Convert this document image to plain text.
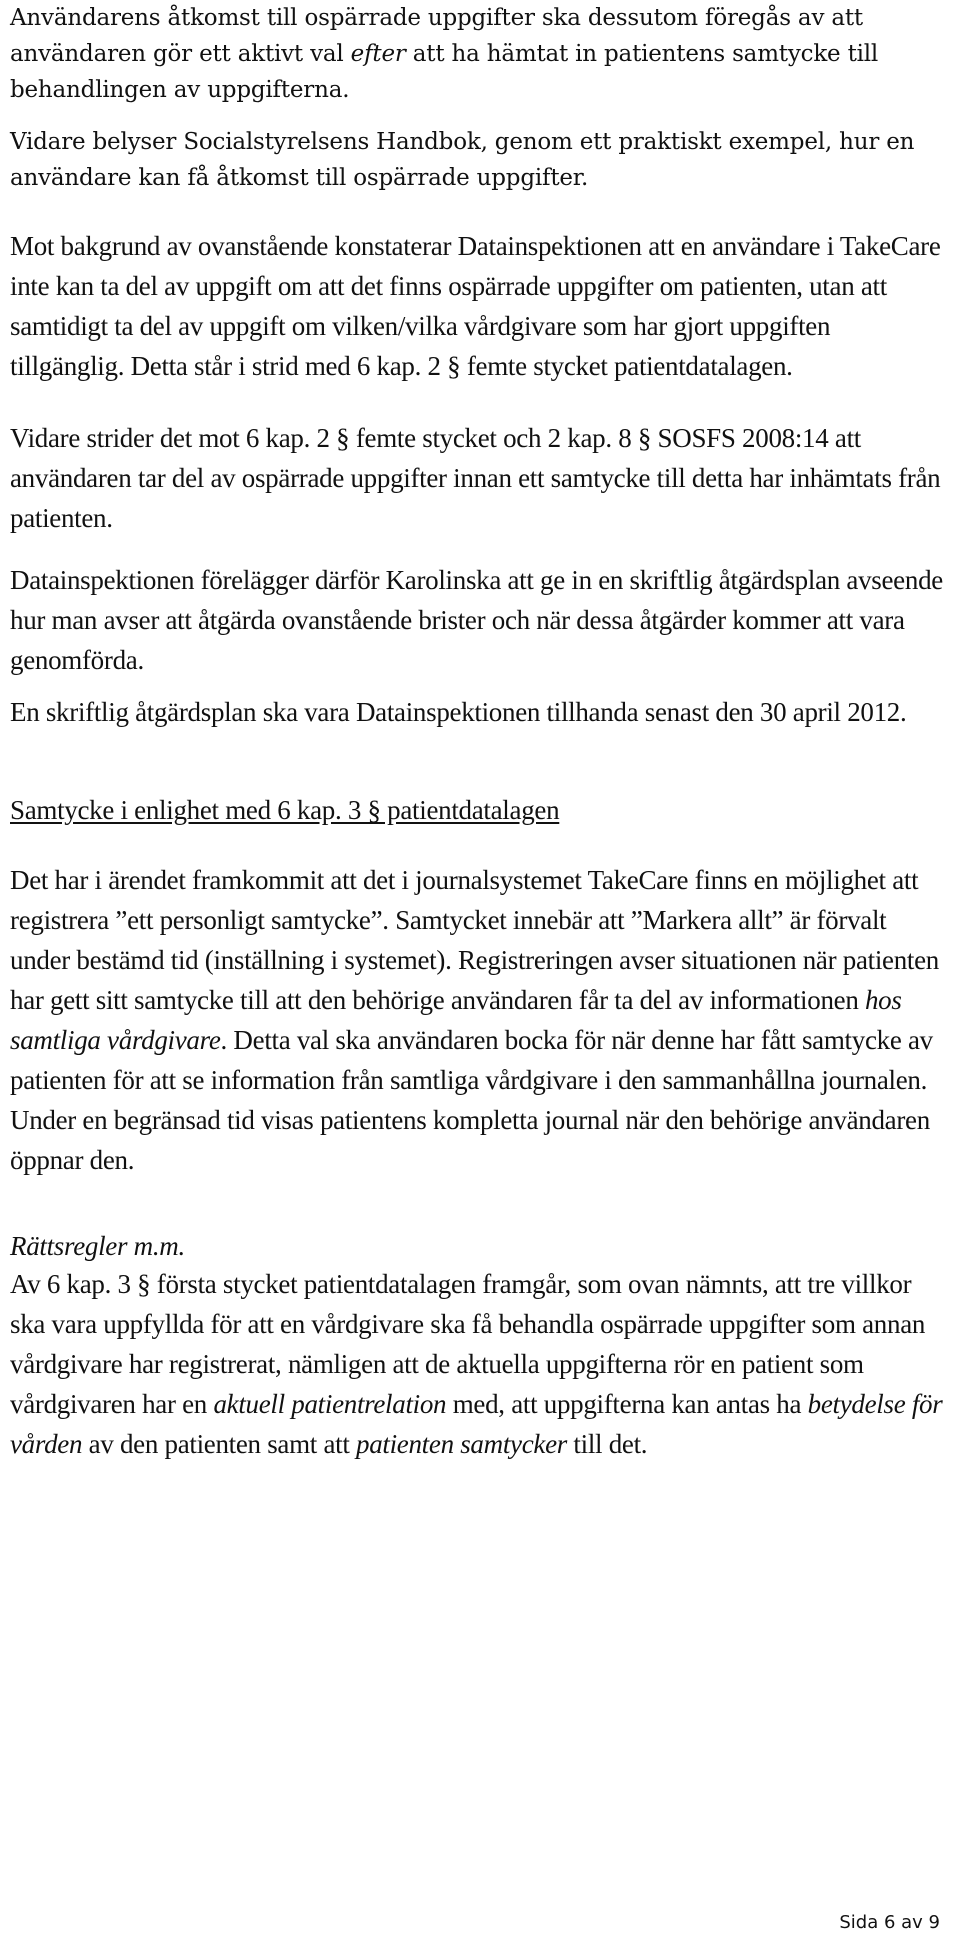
Användarens åtkomst till ospärrade uppgifter ska dessutom föregås av att användaren gör ett aktivt val efter att ha hämtat in patientens samtycke till behandlingen av uppgifterna.

Vidare belyser Socialstyrelsens Handbok, genom ett praktiskt exempel, hur en användare kan få åtkomst till ospärrade uppgifter.

Mot bakgrund av ovanstående konstaterar Datainspektionen att en användare i TakeCare inte kan ta del av uppgift om att det finns ospärrade uppgifter om patienten, utan att samtidigt ta del av uppgift om vilken/vilka vårdgivare som har gjort uppgiften tillgänglig. Detta står i strid med 6 kap. 2 § femte stycket patientdatalagen.

Vidare strider det mot 6 kap. 2 § femte stycket och 2 kap. 8 § SOSFS 2008:14 att användaren tar del av ospärrade uppgifter innan ett samtycke till detta har inhämtats från patienten.

Datainspektionen förelägger därför Karolinska att ge in en skriftlig åtgärdsplan avseende hur man avser att åtgärda ovanstående brister och när dessa åtgärder kommer att vara genomförda.

En skriftlig åtgärdsplan ska vara Datainspektionen tillhanda senast den 30 april 2012.

Samtycke i enlighet med 6 kap. 3 § patientdatalagen

Det har i ärendet framkommit att det i journalsystemet TakeCare finns en möjlighet att registrera ”ett personligt samtycke”. Samtycket innebär att ”Markera allt” är förvalt under bestämd tid (inställning i systemet). Registreringen avser situationen när patienten har gett sitt samtycke till att den behörige användaren får ta del av informationen hos samtliga vårdgivare. Detta val ska användaren bocka för när denne har fått samtycke av patienten för att se information från samtliga vårdgivare i den sammanhållna journalen. Under en begränsad tid visas patientens kompletta journal när den behörige användaren öppnar den.

Rättsregler m.m.

Av 6 kap. 3 § första stycket patientdatalagen framgår, som ovan nämnts, att tre villkor ska vara uppfyllda för att en vårdgivare ska få behandla ospärrade uppgifter som annan vårdgivare har registrerat, nämligen att de aktuella uppgifterna rör en patient som vårdgivaren har en aktuell patientrelation med, att uppgifterna kan antas ha betydelse för vården av den patienten samt att patienten samtycker till det.

Sida 6 av 9
